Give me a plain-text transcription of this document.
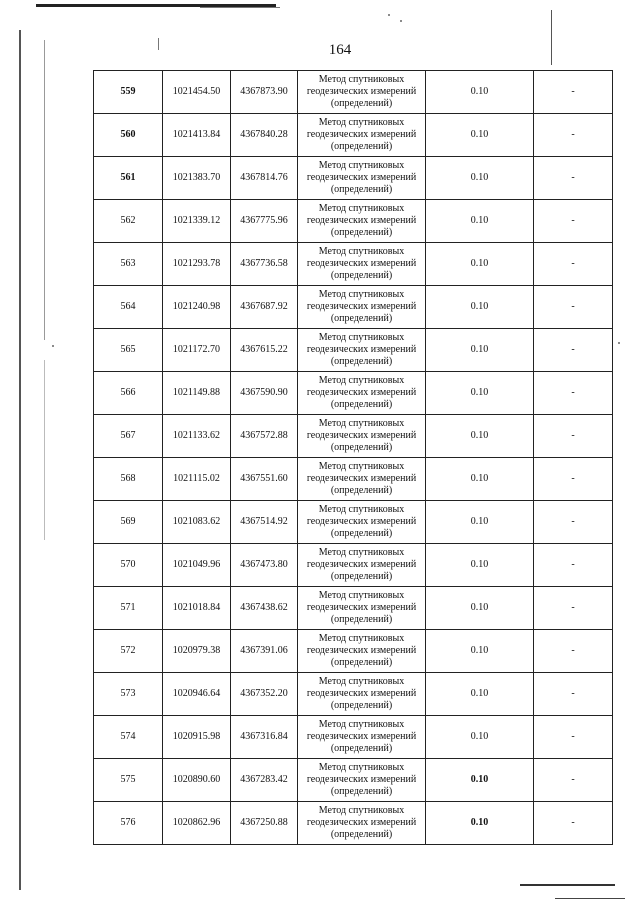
164
559	1021454.50	4367873.90	Метод спутниковых
геодезических измерений
(определений)	0.10	-
560	1021413.84	4367840.28	Метод спутниковых
геодезических измерений
(определений)	0.10	-
561	1021383.70	4367814.76	Метод спутниковых
геодезических измерений
(определений)	0.10	-
562	1021339.12	4367775.96	Метод спутниковых
геодезических измерений
(определений)	0.10	-
563	1021293.78	4367736.58	Метод спутниковых
геодезических измерений
(определений)	0.10	-
564	1021240.98	4367687.92	Метод спутниковых
геодезических измерений
(определений)	0.10	-
565	1021172.70	4367615.22	Метод спутниковых
геодезических измерений
(определений)	0.10	-
566	1021149.88	4367590.90	Метод спутниковых
геодезических измерений
(определений)	0.10	-
567	1021133.62	4367572.88	Метод спутниковых
геодезических измерений
(определений)	0.10	-
568	1021115.02	4367551.60	Метод спутниковых
геодезических измерений
(определений)	0.10	-
569	1021083.62	4367514.92	Метод спутниковых
геодезических измерений
(определений)	0.10	-
570	1021049.96	4367473.80	Метод спутниковых
геодезических измерений
(определений)	0.10	-
571	1021018.84	4367438.62	Метод спутниковых
геодезических измерений
(определений)	0.10	-
572	1020979.38	4367391.06	Метод спутниковых
геодезических измерений
(определений)	0.10	-
573	1020946.64	4367352.20	Метод спутниковых
геодезических измерений
(определений)	0.10	-
574	1020915.98	4367316.84	Метод спутниковых
геодезических измерений
(определений)	0.10	-
575	1020890.60	4367283.42	Метод спутниковых
геодезических измерений
(определений)	0.10	-
576	1020862.96	4367250.88	Метод спутниковых
геодезических измерений
(определений)	0.10	-
